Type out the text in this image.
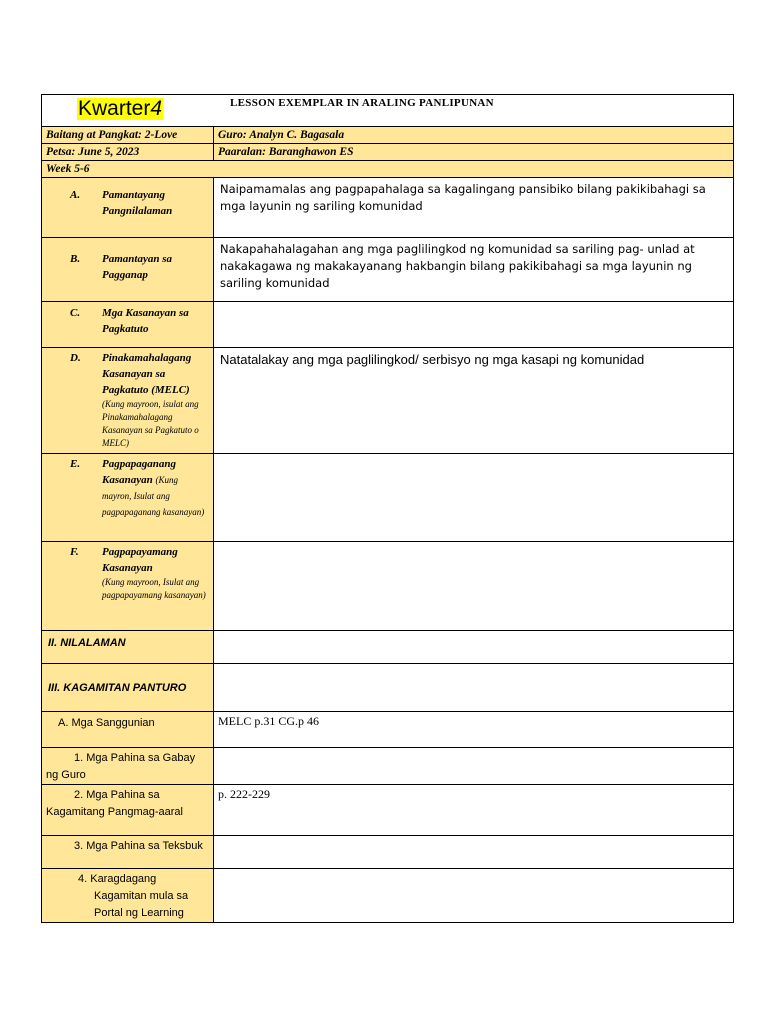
Kwarter4 LESSON EXEMPLAR IN ARALING PANLIPUNAN	

Baitang at Pangkat: 2-Love	Guro: Analyn C. Bagasala
Petsa: June 5, 2023	Paaralan: Baranghawon ES
Week 5-6	

A. Pamantayang Pangnilalaman	Naipamamalas ang pagpapahalaga sa kagalingang pansibiko bilang pakikibahagi sa mga layunin ng sariling komunidad

B. Pamantayan sa Pagganap	Nakapahahalagahan ang mga paglilingkod ng komunidad sa sariling pag- unlad at nakakagawa ng makakayanang hakbangin bilang pakikibahagi sa mga layunin ng sariling komunidad

C. Mga Kasanayan sa Pagkatuto	

D. Pinakamahalagang Kasanayan sa Pagkatuto (MELC)
(Kung mayroon, isulat ang Pinakamahalagang Kasanayan sa Pagkatuto o MELC)	Natatalakay ang mga paglilingkod/ serbisyo ng mga kasapi ng komunidad

E. Pagpapaganang Kasanayan (Kung mayron, Isulat ang pagpapaganang kasanayan)	

F. Pagpapayamang Kasanayan
(Kung mayroon, Isulat ang pagpapayamang kasanayan)	

II. NILALAMAN	
III. KAGAMITAN PANTURO	
A. Mga Sanggunian	MELC p.31 CG.p 46

1. Mga Pahina sa Gabay ng Guro	

2. Mga Pahina sa Kagamitang Pangmag-aaral	p. 222-229

3. Mga Pahina sa Teksbuk	

4. Karagdagang Kagamitan mula sa Portal ng Learning	
